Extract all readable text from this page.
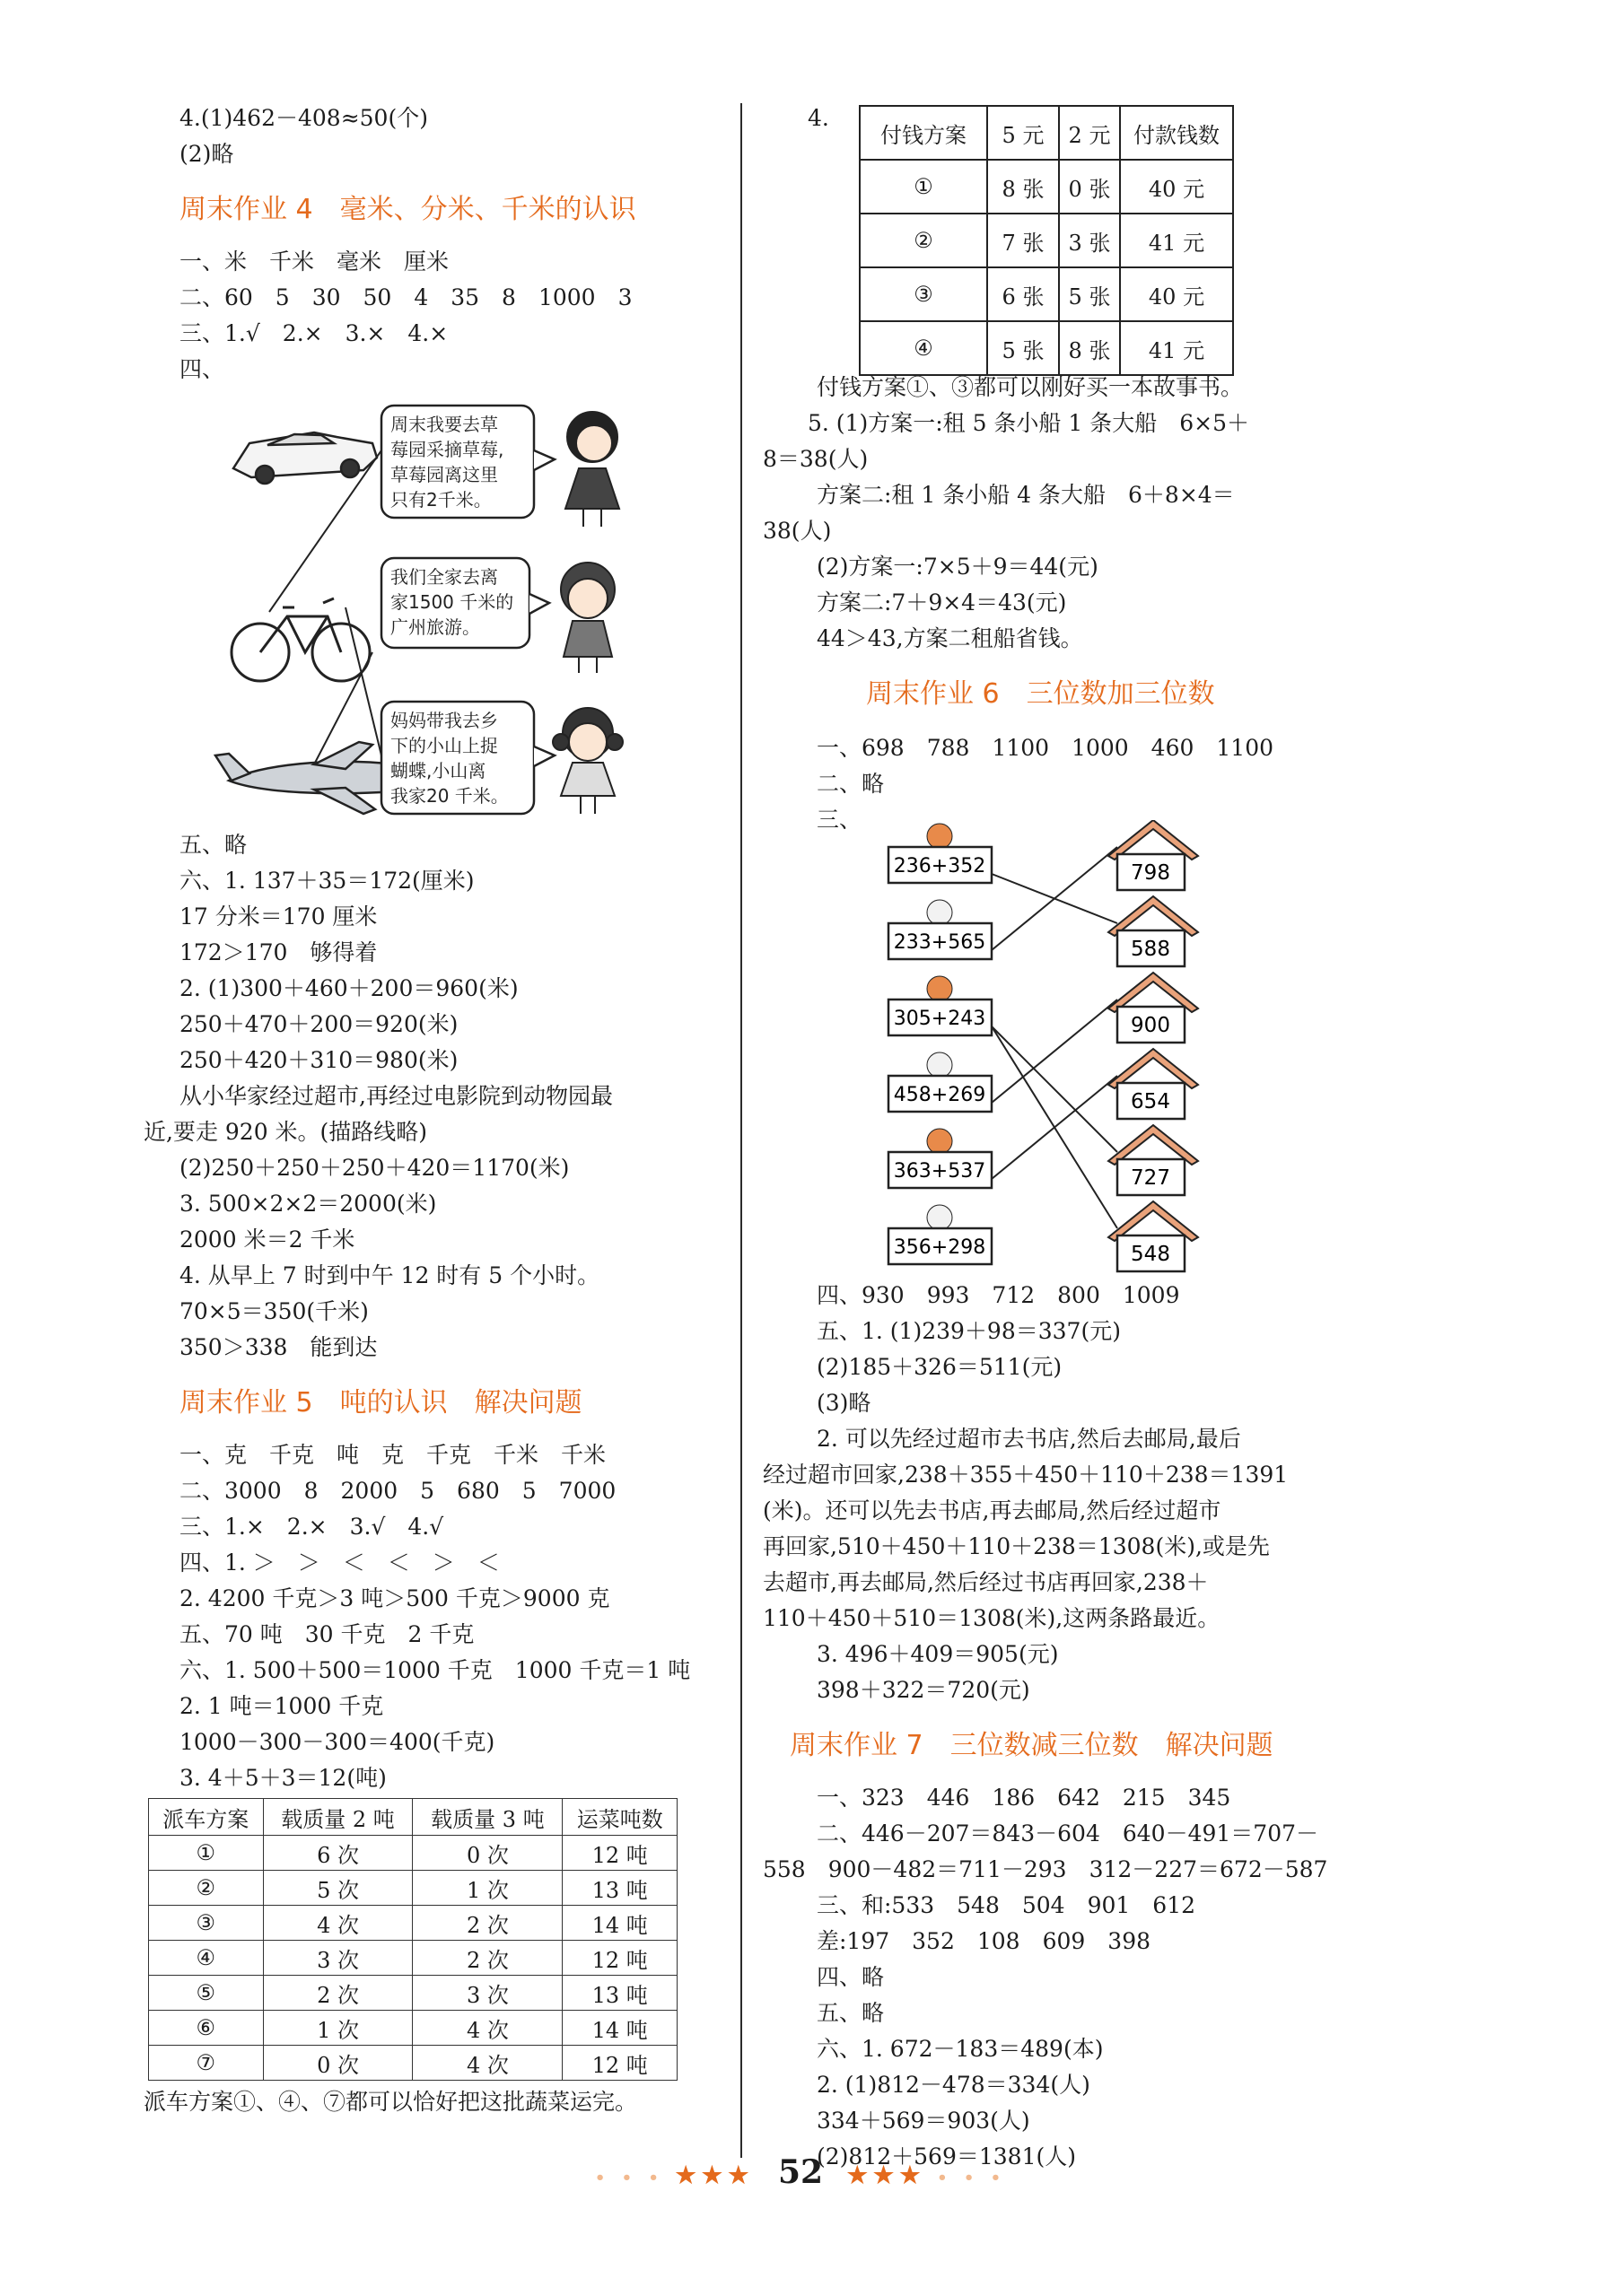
4.(1)462－408≈50(个)
(2)略
周末作业 4　毫米、分米、千米的认识
一、米　千米　毫米　厘米
二、60　5　30　50　4　35　8　1000　3
三、1.√　2.×　3.×　4.×
四、
周末我要去草
莓园采摘草莓,
草莓园离这里
只有2千米。
我们全家去离
家1500 千米的
广州旅游。
妈妈带我去乡
下的小山上捉
蝴蝶,小山离
我家20 千米。
五、略
六、1. 137＋35＝172(厘米)
17 分米＝170 厘米
172＞170　够得着
2. (1)300＋460＋200＝960(米)
250＋470＋200＝920(米)
250＋420＋310＝980(米)
从小华家经过超市,再经过电影院到动物园最
近,要走 920 米。(描路线略)
(2)250＋250＋250＋420＝1170(米)
3. 500×2×2＝2000(米)
2000 米＝2 千米
4. 从早上 7 时到中午 12 时有 5 个小时。
70×5＝350(千米)
350＞338　能到达
周末作业 5　吨的认识　解决问题
一、克　千克　吨　克　千克　千米　千米
二、3000　8　2000　5　680　5　7000
三、1.×　2.×　3.√　4.√
四、1. ＞　＞　＜　＜　＞　＜
2. 4200 千克＞3 吨＞500 千克＞9000 克
五、70 吨　30 千克　2 千克
六、1. 500＋500＝1000 千克　1000 千克＝1 吨
2. 1 吨＝1000 千克
1000－300－300＝400(千克)
3. 4＋5＋3＝12(吨)
派车方案	载质量 2 吨	载质量 3 吨	运菜吨数
①	6 次	0 次	12 吨
②	5 次	1 次	13 吨
③	4 次	2 次	14 吨
④	3 次	2 次	12 吨
⑤	2 次	3 次	13 吨
⑥	1 次	4 次	14 吨
⑦	0 次	4 次	12 吨
派车方案①、④、⑦都可以恰好把这批蔬菜运完。
4.
付钱方案	5 元	2 元	付款钱数
①	8 张	0 张	40 元
②	7 张	3 张	41 元
③	6 张	5 张	40 元
④	5 张	8 张	41 元
付钱方案①、③都可以刚好买一本故事书。
5. (1)方案一:租 5 条小船 1 条大船　6×5＋
8＝38(人)
方案二:租 1 条小船 4 条大船　6＋8×4＝
38(人)
(2)方案一:7×5＋9＝44(元)
方案二:7＋9×4＝43(元)
44＞43,方案二租船省钱。
周末作业 6　三位数加三位数
一、698　788　1100　1000　460　1100
二、略
三、
236+352
233+565
305+243
458+269
363+537
356+298
798
588
900
654
727
548
四、930　993　712　800　1009
五、1. (1)239＋98＝337(元)
(2)185＋326＝511(元)
(3)略
2. 可以先经过超市去书店,然后去邮局,最后
经过超市回家,238＋355＋450＋110＋238＝1391
(米)。还可以先去书店,再去邮局,然后经过超市
再回家,510＋450＋110＋238＝1308(米),或是先
去超市,再去邮局,然后经过书店再回家,238＋
110＋450＋510＝1308(米),这两条路最近。
3. 496＋409＝905(元)
398＋322＝720(元)
周末作业 7　三位数减三位数　解决问题
一、323　446　186　642　215　345
二、446－207＝843－604　640－491＝707－
558　900－482＝711－293　312－227＝672－587
三、和:533　548　504　901　612
差:197　352　108　609　398
四、略
五、略
六、1. 672－183＝489(本)
2. (1)812－478＝334(人)
334＋569＝903(人)
(2)812＋569＝1381(人)
• • • ★★★ 52 ★★★ • • •
